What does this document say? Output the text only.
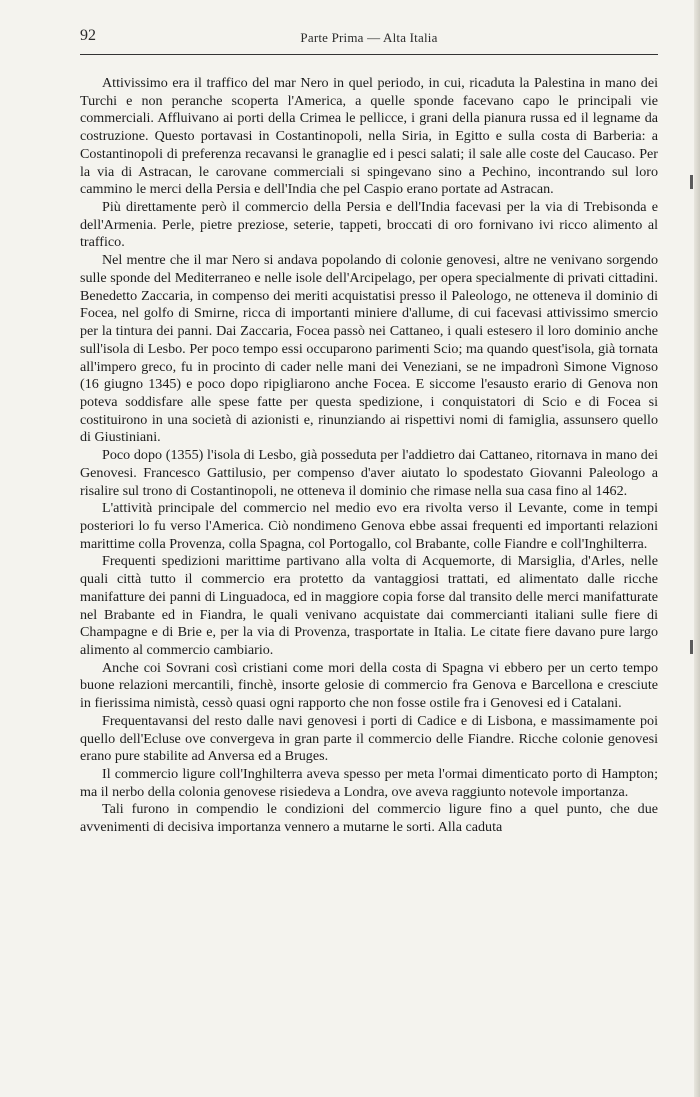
92	Parte Prima — Alta Italia

Attivissimo era il traffico del mar Nero in quel periodo, in cui, ricaduta la Palestina in mano dei Turchi e non peranche scoperta l'America, a quelle sponde facevano capo le principali vie commerciali. Affluivano ai porti della Crimea le pellicce, i grani della pianura russa ed il legname da costruzione. Questo portavasi in Costantinopoli, nella Siria, in Egitto e sulla costa di Barberia: a Costantinopoli di preferenza recavansi le granaglie ed i pesci salati; il sale alle coste del Caucaso. Per la via di Astracan, le carovane commerciali si spingevano sino a Pechino, incontrando sul loro cammino le merci della Persia e dell'India che pel Caspio erano portate ad Astracan.

Più direttamente però il commercio della Persia e dell'India facevasi per la via di Trebisonda e dell'Armenia. Perle, pietre preziose, seterie, tappeti, broccati di oro fornivano ivi ricco alimento al traffico.

Nel mentre che il mar Nero si andava popolando di colonie genovesi, altre ne venivano sorgendo sulle sponde del Mediterraneo e nelle isole dell'Arcipelago, per opera specialmente di privati cittadini. Benedetto Zaccaria, in compenso dei meriti acquistatisi presso il Paleologo, ne otteneva il dominio di Focea, nel golfo di Smirne, ricca di importanti miniere d'allume, di cui facevasi attivissimo smercio per la tintura dei panni. Dai Zaccaria, Focea passò nei Cattaneo, i quali estesero il loro dominio anche sull'isola di Lesbo. Per poco tempo essi occuparono parimenti Scio; ma quando quest'isola, già tornata all'impero greco, fu in procinto di cader nelle mani dei Veneziani, se ne impadronì Simone Vignoso (16 giugno 1345) e poco dopo ripigliarono anche Focea. E siccome l'esausto erario di Genova non poteva soddisfare alle spese fatte per questa spedizione, i conquistatori di Scio e di Focea si costituirono in una società di azionisti e, rinunziando ai rispettivi nomi di famiglia, assunsero quello di Giustiniani.

Poco dopo (1355) l'isola di Lesbo, già posseduta per l'addietro dai Cattaneo, ritornava in mano dei Genovesi. Francesco Gattilusio, per compenso d'aver aiutato lo spodestato Giovanni Paleologo a risalire sul trono di Costantinopoli, ne otteneva il dominio che rimase nella sua casa fino al 1462.

L'attività principale del commercio nel medio evo era rivolta verso il Levante, come in tempi posteriori lo fu verso l'America. Ciò nondimeno Genova ebbe assai frequenti ed importanti relazioni marittime colla Provenza, colla Spagna, col Portogallo, col Brabante, colle Fiandre e coll'Inghilterra.

Frequenti spedizioni marittime partivano alla volta di Acquemorte, di Marsiglia, d'Arles, nelle quali città tutto il commercio era protetto da vantaggiosi trattati, ed alimentato dalle ricche manifatture dei panni di Linguadoca, ed in maggiore copia forse dal transito delle merci manifatturate nel Brabante ed in Fiandra, le quali venivano acquistate dai commercianti italiani sulle fiere di Champagne e di Brie e, per la via di Provenza, trasportate in Italia. Le citate fiere davano pure largo alimento al commercio cambiario.

Anche coi Sovrani così cristiani come mori della costa di Spagna vi ebbero per un certo tempo buone relazioni mercantili, finchè, insorte gelosie di commercio fra Genova e Barcellona e cresciute in fierissima nimistà, cessò quasi ogni rapporto che non fosse ostile fra i Genovesi ed i Catalani.

Frequentavansi del resto dalle navi genovesi i porti di Cadice e di Lisbona, e massimamente poi quello dell'Ecluse ove convergeva in gran parte il commercio delle Fiandre. Ricche colonie genovesi erano pure stabilite ad Anversa ed a Bruges.

Il commercio ligure coll'Inghilterra aveva spesso per meta l'ormai dimenticato porto di Hampton; ma il nerbo della colonia genovese risiedeva a Londra, ove aveva raggiunto notevole importanza.

Tali furono in compendio le condizioni del commercio ligure fino a quel punto, che due avvenimenti di decisiva importanza vennero a mutarne le sorti. Alla caduta
